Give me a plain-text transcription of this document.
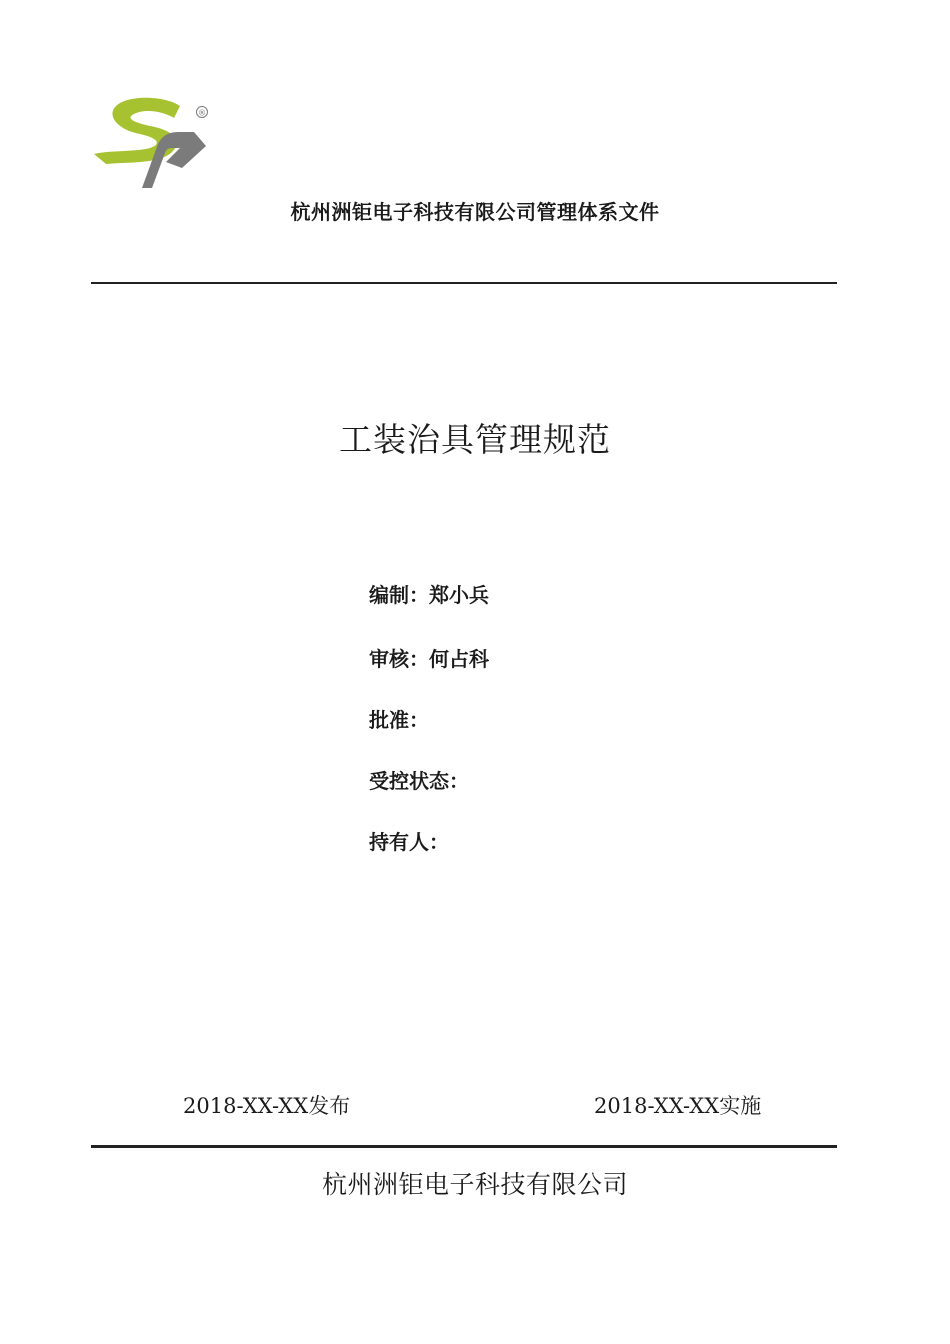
®
杭州洲钜电子科技有限公司管理体系文件
工装治具管理规范
编制：郑小兵
审核：何占科
批准：
受控状态：
持有人：
2018-XX-XX发布	2018-XX-XX实施
杭州洲钜电子科技有限公司
